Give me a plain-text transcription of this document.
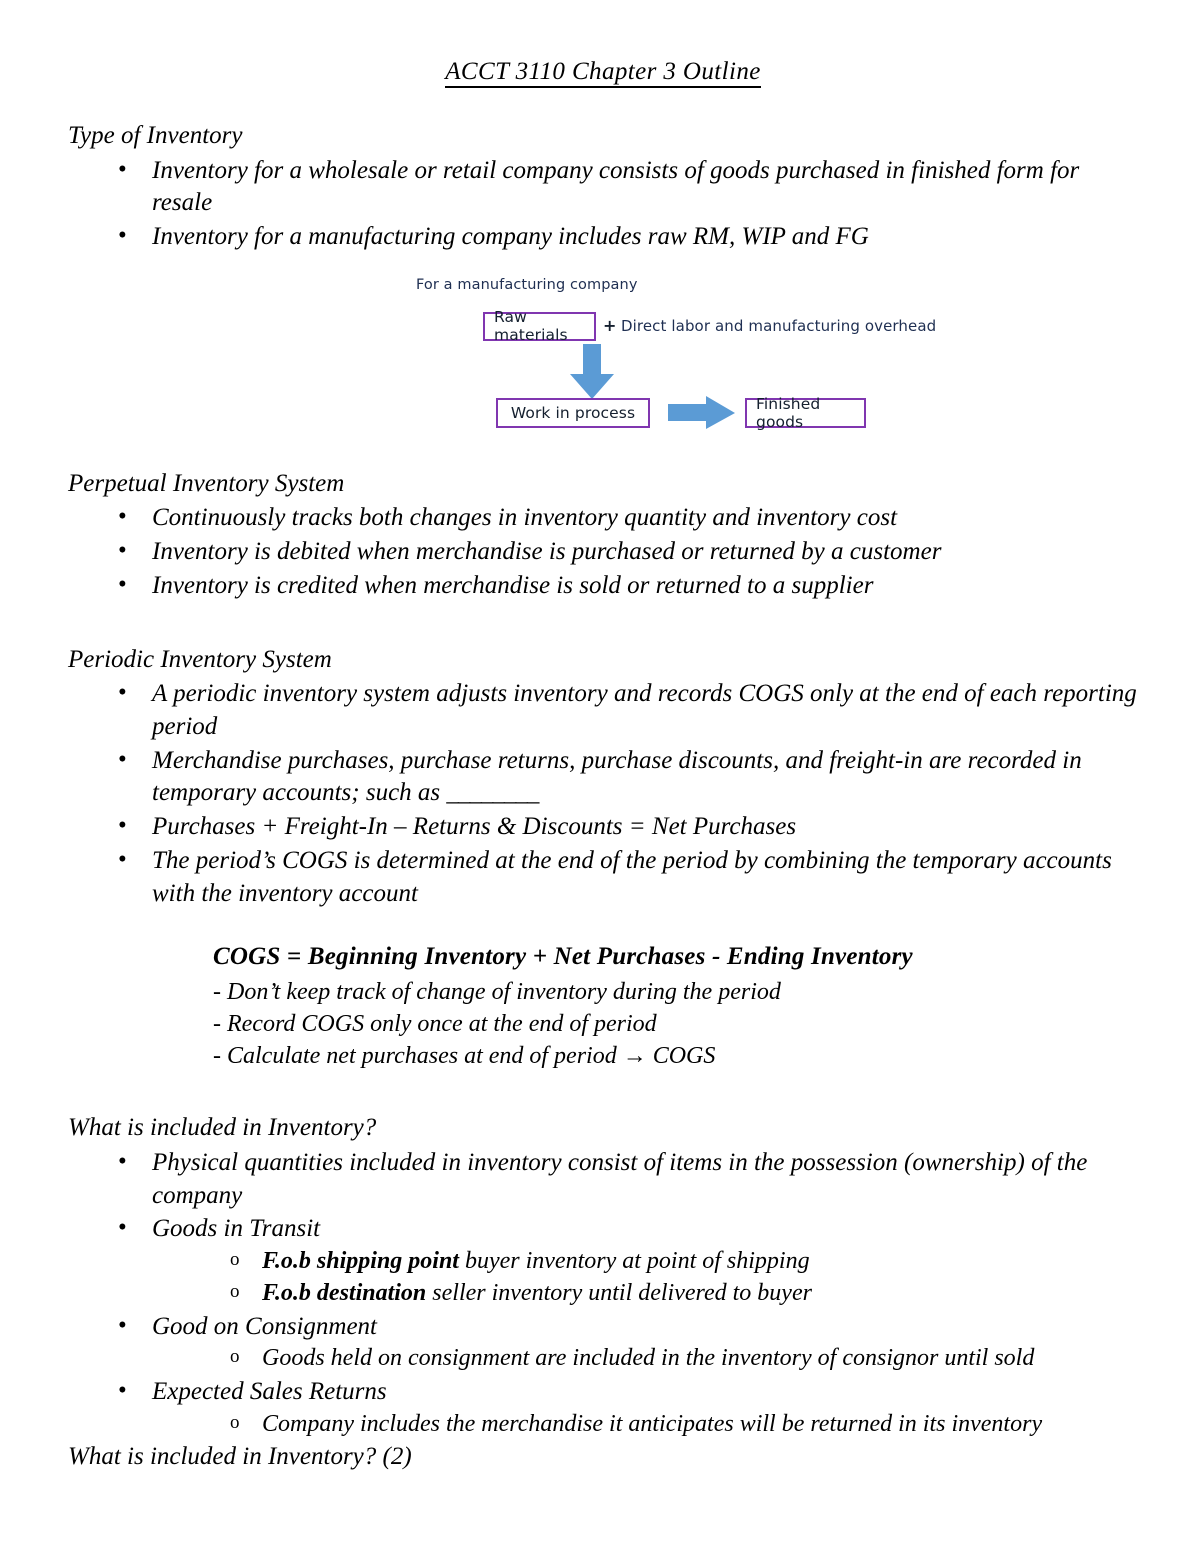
ACCT 3110 Chapter 3 Outline
Type of Inventory
• Inventory for a wholesale or retail company consists of goods purchased in finished form for resale
• Inventory for a manufacturing company includes raw RM, WIP and FG
For a manufacturing company
Raw materials
+ Direct labor and manufacturing overhead
Work in process	Finished goods
Perpetual Inventory System
• Continuously tracks both changes in inventory quantity and inventory cost
• Inventory is debited when merchandise is purchased or returned by a customer
• Inventory is credited when merchandise is sold or returned to a supplier
Periodic Inventory System
• A periodic inventory system adjusts inventory and records COGS only at the end of each reporting period
• Merchandise purchases, purchase returns, purchase discounts, and freight-in are recorded in temporary accounts; such as ________
• Purchases + Freight-In – Returns & Discounts = Net Purchases
• The period’s COGS is determined at the end of the period by combining the temporary accounts with the inventory account
COGS = Beginning Inventory + Net Purchases - Ending Inventory
- Don’t keep track of change of inventory during the period
- Record COGS only once at the end of period
- Calculate net purchases at end of period → COGS
What is included in Inventory?
• Physical quantities included in inventory consist of items in the possession (ownership) of the company
• Goods in Transit
o F.o.b shipping point buyer inventory at point of shipping
o F.o.b destination seller inventory until delivered to buyer
• Good on Consignment
o Goods held on consignment are included in the inventory of consignor until sold
• Expected Sales Returns
o Company includes the merchandise it anticipates will be returned in its inventory
What is included in Inventory? (2)
